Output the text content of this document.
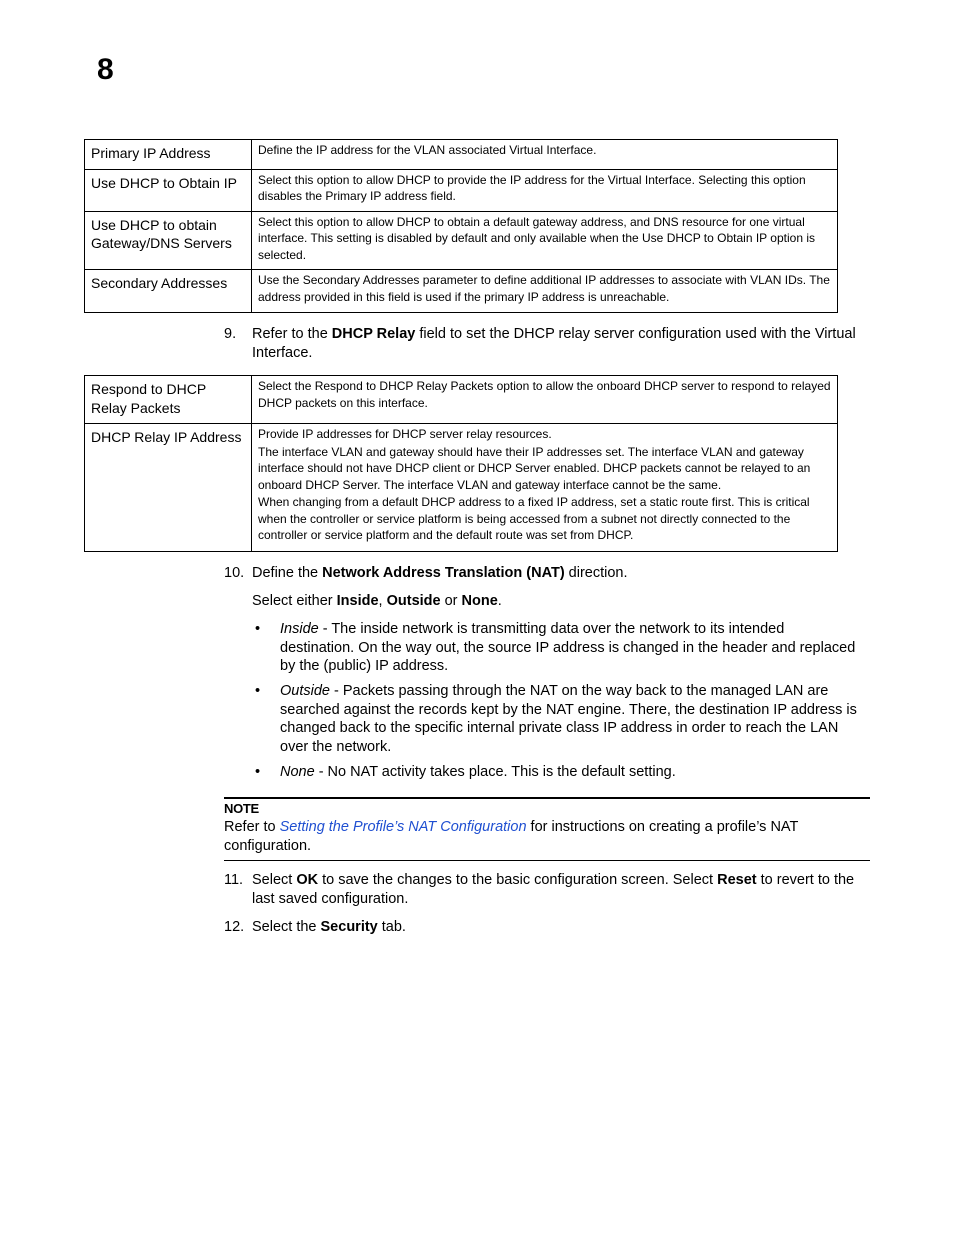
8
Primary IP Address	Define the IP address for the VLAN associated Virtual Interface.
Use DHCP to Obtain IP	Select this option to allow DHCP to provide the IP address for the Virtual Interface. Selecting this option disables the Primary IP address field.
Use DHCP to obtain Gateway/DNS Servers	Select this option to allow DHCP to obtain a default gateway address, and DNS resource for one virtual interface. This setting is disabled by default and only available when the Use DHCP to Obtain IP option is selected.
Secondary Addresses	Use the Secondary Addresses parameter to define additional IP addresses to associate with VLAN IDs. The address provided in this field is used if the primary IP address is unreachable.
9. Refer to the DHCP Relay field to set the DHCP relay server configuration used with the Virtual
Interface.
Respond to DHCP Relay Packets	Select the Respond to DHCP Relay Packets option to allow the onboard DHCP server to respond to relayed DHCP packets on this interface.
DHCP Relay IP Address	Provide IP addresses for DHCP server relay resources.

The interface VLAN and gateway should have their IP addresses set. The interface VLAN and gateway interface should not have DHCP client or DHCP Server enabled. DHCP packets cannot be relayed to an onboard DHCP Server. The interface VLAN and gateway interface cannot be the same.

When changing from a default DHCP address to a fixed IP address, set a static route first. This is critical when the controller or service platform is being accessed from a subnet not directly connected to the controller or service platform and the default route was set from DHCP.

10. Define the Network Address Translation (NAT) direction.
Select either Inside, Outside or None.
• Inside - The inside network is transmitting data over the network to its intended
destination. On the way out, the source IP address is changed in the header and replaced
by the (public) IP address.
• Outside - Packets passing through the NAT on the way back to the managed LAN are
searched against the records kept by the NAT engine. There, the destination IP address is
changed back to the specific internal private class IP address in order to reach the LAN
over the network.
• None - No NAT activity takes place. This is the default setting.
NOTE
Refer to Setting the Profile’s NAT Configuration for instructions on creating a profile’s NAT
configuration.
11. Select OK to save the changes to the basic configuration screen. Select Reset to revert to the
last saved configuration.
12. Select the Security tab.
